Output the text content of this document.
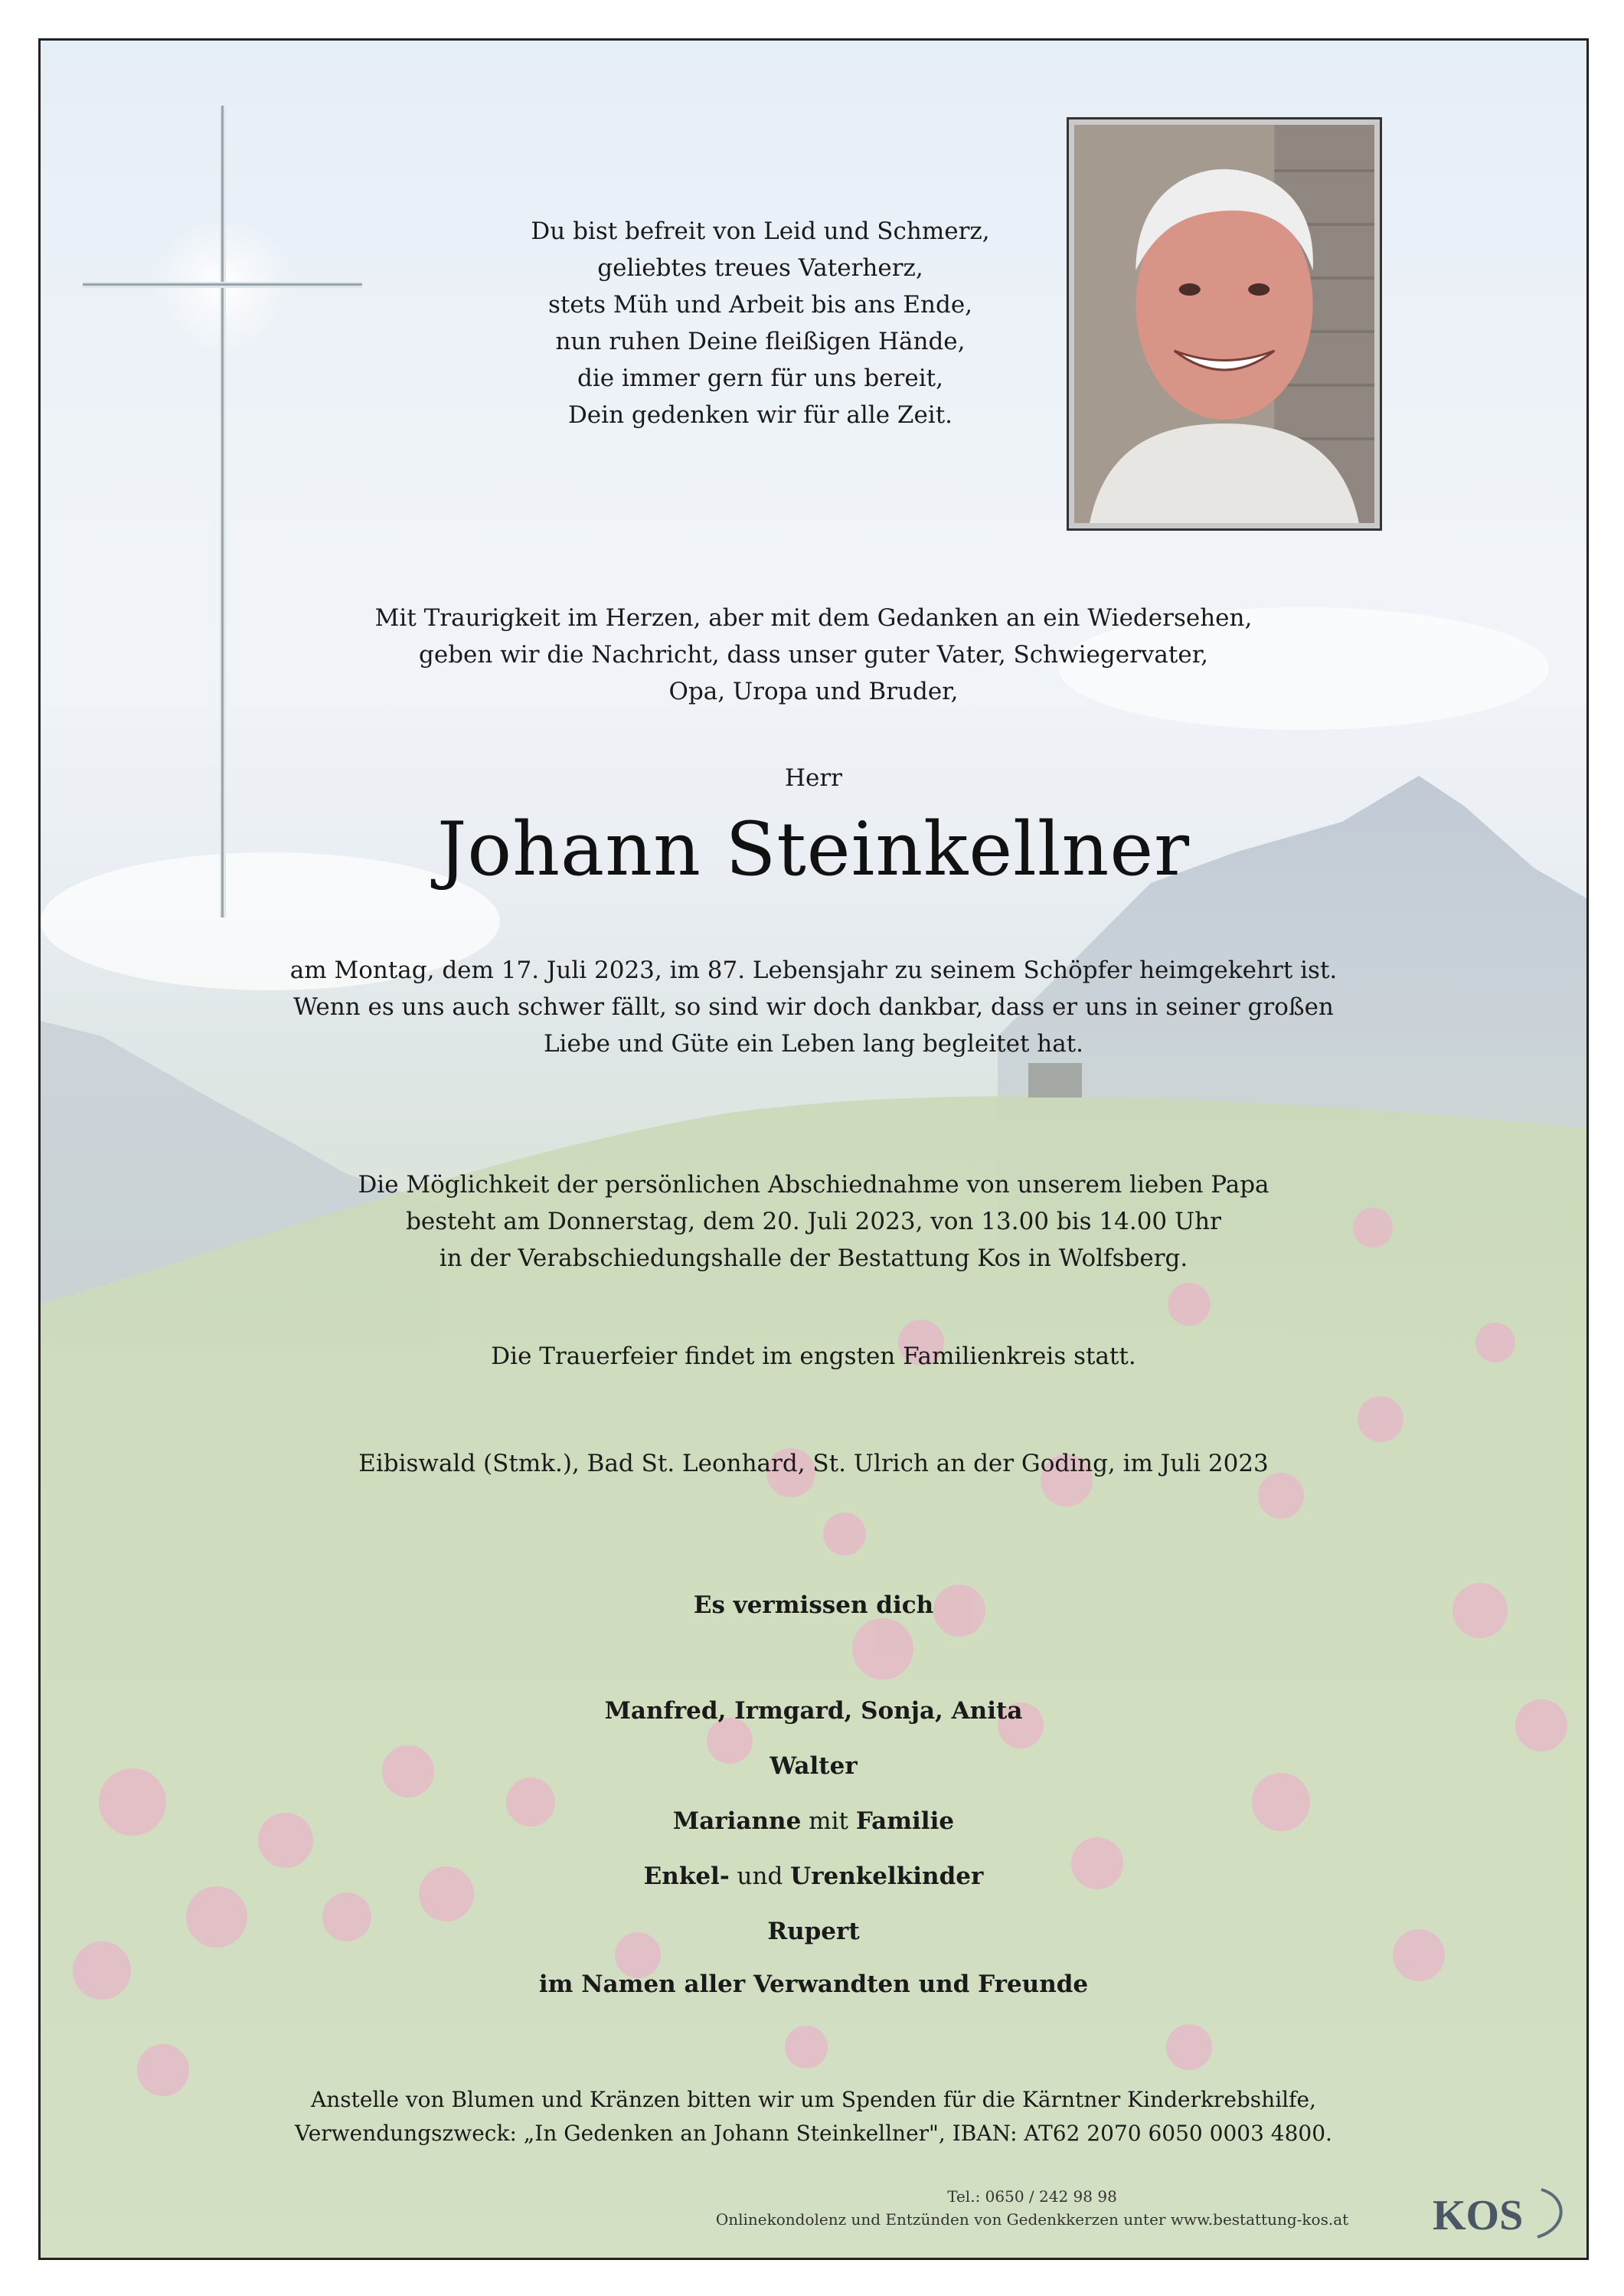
Du bist befreit von Leid und Schmerz,
geliebtes treues Vaterherz,
stets Müh und Arbeit bis ans Ende,
nun ruhen Deine fleißigen Hände,
die immer gern für uns bereit,
Dein gedenken wir für alle Zeit.
Mit Traurigkeit im Herzen, aber mit dem Gedanken an ein Wiedersehen,
geben wir die Nachricht, dass unser guter Vater, Schwiegervater,
Opa, Uropa und Bruder,
Herr
Johann Steinkellner
am Montag, dem 17. Juli 2023, im 87. Lebensjahr zu seinem Schöpfer heimgekehrt ist.
Wenn es uns auch schwer fällt, so sind wir doch dankbar, dass er uns in seiner großen
Liebe und Güte ein Leben lang begleitet hat.
Die Möglichkeit der persönlichen Abschiednahme von unserem lieben Papa
besteht am Donnerstag, dem 20. Juli 2023, von 13.00 bis 14.00 Uhr
in der Verabschiedungshalle der Bestattung Kos in Wolfsberg.
Die Trauerfeier findet im engsten Familienkreis statt.
Eibiswald (Stmk.), Bad St. Leonhard, St. Ulrich an der Goding, im Juli 2023
Es vermissen dich
Manfred, Irmgard, Sonja, Anita
Walter
Marianne mit Familie
Enkel- und Urenkelkinder
Rupert
im Namen aller Verwandten und Freunde
Anstelle von Blumen und Kränzen bitten wir um Spenden für die Kärntner Kinderkrebshilfe,
Verwendungszweck: „In Gedenken an Johann Steinkellner", IBAN: AT62 2070 6050 0003 4800.
Tel.: 0650 / 242 98 98
Onlinekondolenz und Entzünden von Gedenkkerzen unter www.bestattung-kos.at	KOS
